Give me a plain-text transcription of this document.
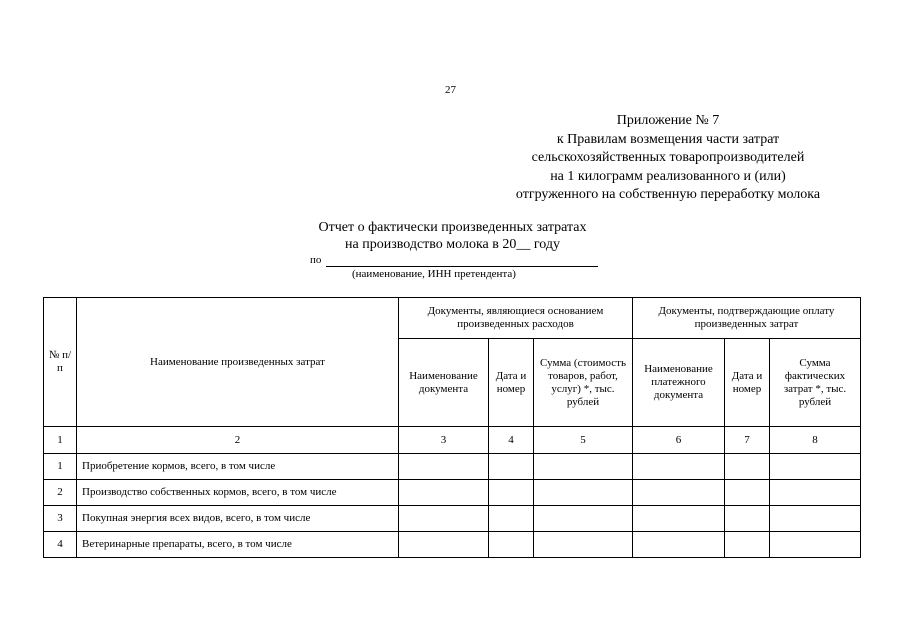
27
Приложение № 7
к Правилам возмещения части затрат
сельскохозяйственных товаропроизводителей
на 1 килограмм реализованного и (или)
отгруженного на собственную переработку молока
Отчет о фактически произведенных затратах
на производство молока в 20__ году
по
(наименование, ИНН претендента)
№ п/п	Наименование произведенных затрат	Документы, являющиеся основанием произведенных расходов			Документы, подтверждающие оплату произведенных затрат		
		Наименование документа	Дата и номер	Сумма (стоимость товаров, работ, услуг) *, тыс. рублей	Наименование платежного документа	Дата и номер	Сумма фактических затрат *, тыс. рублей
1	2	3	4	5	6	7	8
1	Приобретение кормов, всего, в том числе						
2	Производство собственных кормов, всего, в том числе						
3	Покупная энергия всех видов, всего, в том числе						
4	Ветеринарные препараты, всего, в том числе						
